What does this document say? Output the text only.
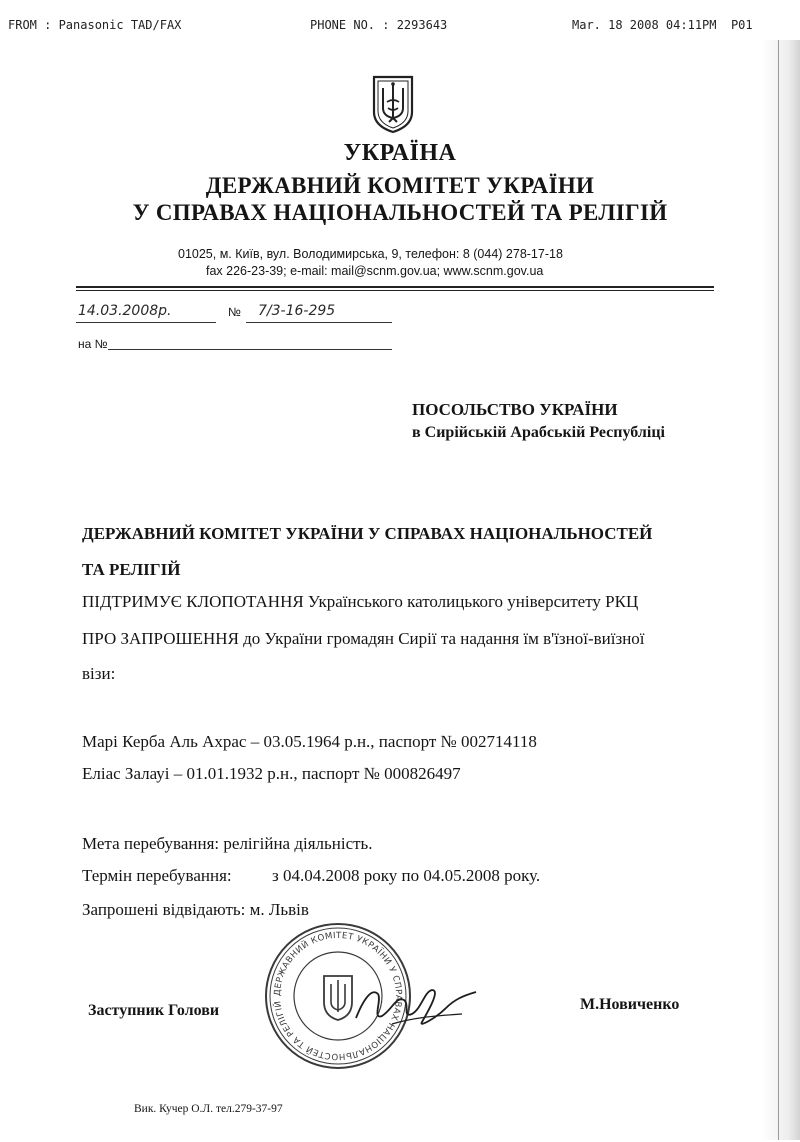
FROM : Panasonic TAD/FAX	PHONE NO. : 2293643	Mar. 18 2008 04:11PM  P01
УКРАЇНА
ДЕРЖАВНИЙ КОМІТЕТ УКРАЇНИ
У СПРАВАХ НАЦІОНАЛЬНОСТЕЙ ТА РЕЛІГІЙ
01025, м. Київ, вул. Володимирська, 9, телефон: 8 (044) 278-17-18
fax 226-23-39; e-mail: mail@scnm.gov.ua; www.scnm.gov.ua
14.03.2008р.	№ 7/3-16-295
на №
ПОСОЛЬСТВО УКРАЇНИ
в Сирійській Арабській Республіці
ДЕРЖАВНИЙ КОМІТЕТ УКРАЇНИ У СПРАВАХ НАЦІОНАЛЬНОСТЕЙ
ТА РЕЛІГІЙ
ПІДТРИМУЄ КЛОПОТАННЯ Українського католицького університету РКЦ
ПРО ЗАПРОШЕННЯ до України громадян Сирії та надання їм в'їзної-виїзної
візи:
Марі Керба Аль Ахрас – 03.05.1964 р.н., паспорт № 002714118
Еліас Залауі – 01.01.1932 р.н., паспорт № 000826497
Мета перебування: релігійна діяльність.
Термін перебування: з 04.04.2008 року по 04.05.2008 року.
Запрошені відвідають: м. Львів
ДЕРЖАВНИЙ КОМІТЕТ УКРАЇНИ У СПРАВАХ НАЦІОНАЛЬНОСТЕЙ ТА РЕЛІГІЙ
Заступник Голови	М.Новиченко
Вик. Кучер О.Л. тел.279-37-97
